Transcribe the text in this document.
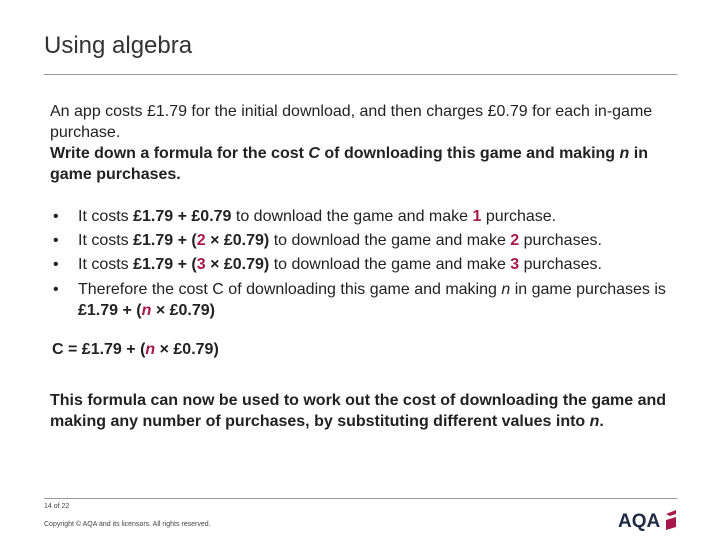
Using algebra

An app costs £1.79 for the initial download, and then charges £0.79 for each in-game purchase.
Write down a formula for the cost C of downloading this game and making n in game purchases.

• It costs £1.79 + £0.79 to download the game and make 1 purchase.
• It costs £1.79 + (2 × £0.79) to download the game and make 2 purchases.
• It costs £1.79 + (3 × £0.79) to download the game and make 3 purchases.
• Therefore the cost C of downloading this game and making n in game purchases is £1.79 + (n × £0.79)

C = £1.79 + (n × £0.79)

This formula can now be used to work out the cost of downloading the game and making any number of purchases, by substituting different values into n.

14 of 22
Copyright © AQA and its licensors. All rights reserved.	AQA
